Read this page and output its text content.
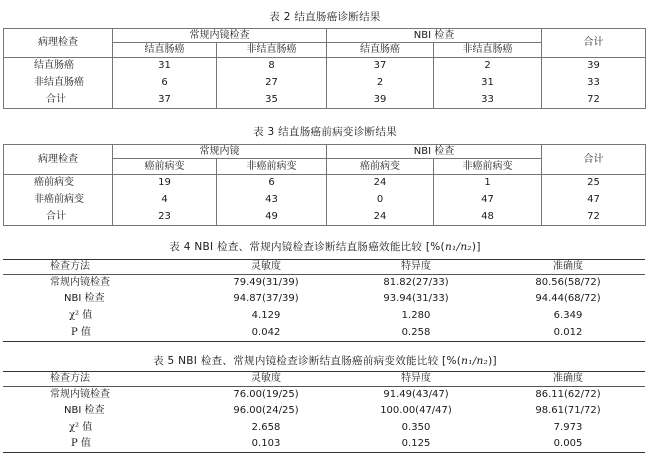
表 2 结直肠癌诊断结果
病理检查	常规内镜检查		NBI 检查		合计
	结直肠癌	非结直肠癌	结直肠癌	非结直肠癌	
结直肠癌	31	8	37	2	39
非结直肠癌	6	27	2	31	33
合计	37	35	39	33	72
表 3 结直肠癌前病变诊断结果
病理检查	常规内镜		NBI 检查		合计
	癌前病变	非癌前病变	癌前病变	非癌前病变	
癌前病变	19	6	24	1	25
非癌前病变	4	43	0	47	47
合计	23	49	24	48	72
表 4 NBI 检查、常规内镜检查诊断结直肠癌效能比较 [%(n₁/n₂)]
检查方法	灵敏度	特异度	准确度
常规内镜检查	79.49(31/39)	81.82(27/33)	80.56(58/72)
NBI 检查	94.87(37/39)	93.94(31/33)	94.44(68/72)
χ² 值	4.129	1.280	6.349
P 值	0.042	0.258	0.012
表 5 NBI 检查、常规内镜检查诊断结直肠癌前病变效能比较 [%(n₁/n₂)]
检查方法	灵敏度	特异度	准确度
常规内镜检查	76.00(19/25)	91.49(43/47)	86.11(62/72)
NBI 检查	96.00(24/25)	100.00(47/47)	98.61(71/72)
χ² 值	2.658	0.350	7.973
P 值	0.103	0.125	0.005
